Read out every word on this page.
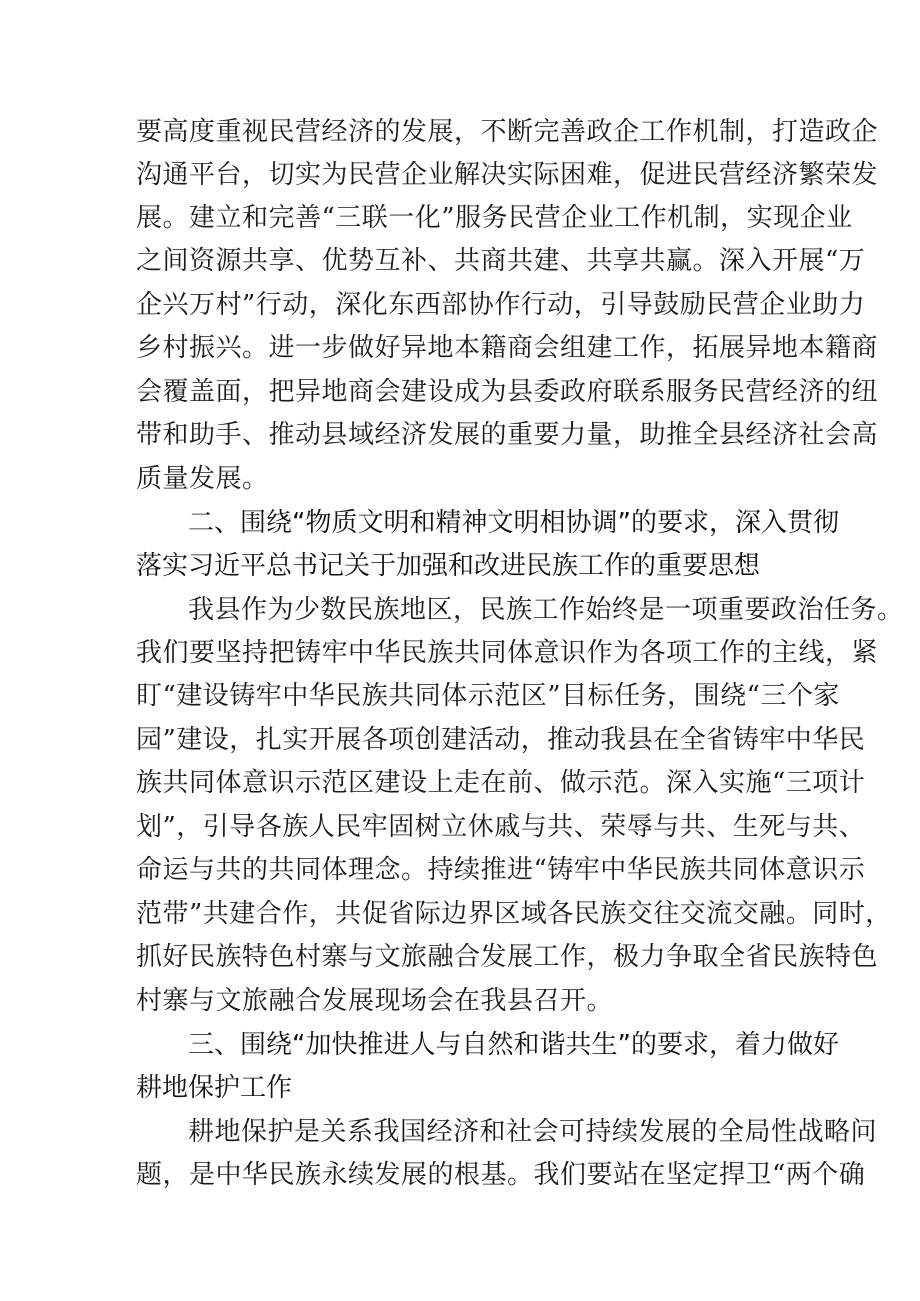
要高度重视民营经济的发展，不断完善政企工作机制，打造政企
沟通平台，切实为民营企业解决实际困难，促进民营经济繁荣发
展。建立和完善“三联一化”服务民营企业工作机制，实现企业
之间资源共享、优势互补、共商共建、共享共赢。深入开展“万
企兴万村”行动，深化东西部协作行动，引导鼓励民营企业助力
乡村振兴。进一步做好异地本籍商会组建工作，拓展异地本籍商
会覆盖面，把异地商会建设成为县委政府联系服务民营经济的纽
带和助手、推动县域经济发展的重要力量，助推全县经济社会高
质量发展。
二、围绕“物质文明和精神文明相协调”的要求，深入贯彻
落实习近平总书记关于加强和改进民族工作的重要思想
我县作为少数民族地区，民族工作始终是一项重要政治任务。
我们要坚持把铸牢中华民族共同体意识作为各项工作的主线，紧
盯“建设铸牢中华民族共同体示范区”目标任务，围绕“三个家
园”建设，扎实开展各项创建活动，推动我县在全省铸牢中华民
族共同体意识示范区建设上走在前、做示范。深入实施“三项计
划”，引导各族人民牢固树立休戚与共、荣辱与共、生死与共、
命运与共的共同体理念。持续推进“铸牢中华民族共同体意识示
范带”共建合作，共促省际边界区域各民族交往交流交融。同时，
抓好民族特色村寨与文旅融合发展工作，极力争取全省民族特色
村寨与文旅融合发展现场会在我县召开。
三、围绕“加快推进人与自然和谐共生”的要求，着力做好
耕地保护工作
耕地保护是关系我国经济和社会可持续发展的全局性战略问
题，是中华民族永续发展的根基。我们要站在坚定捍卫“两个确
